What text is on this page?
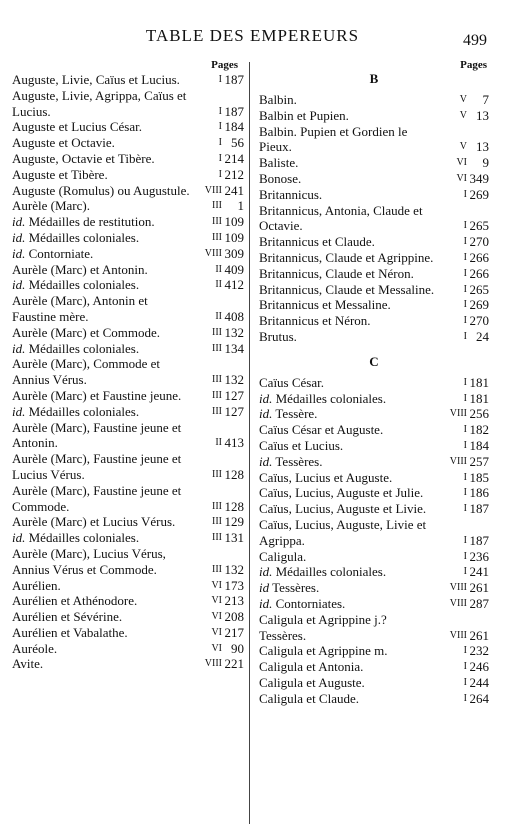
TABLE DES EMPEREURS	499
Pages
Auguste, Livie, Caïus et Lucius.	I 187
Auguste, Livie, Agrippa, Caïus et Lucius.	I 187
Auguste et Lucius César.	I 184
Auguste et Octavie.	I 56
Auguste, Octavie et Tibère.	I 214
Auguste et Tibère.	I 212
Auguste (Romulus) ou Augustule. VIII 241
Aurèle (Marc).	III	1
id. Médailles de restitution.	III 109
id. Médailles coloniales.	III 109
id. Contorniate.	VIII 309
Aurèle (Marc) et Antonin.	II 409
id. Médailles coloniales.	II 412
Aurèle (Marc), Antonin et Faustine mère.	II 408
Aurèle (Marc) et Commode.	III 132
id. Médailles coloniales.	III 134
Aurèle (Marc), Commode et Annius Vérus.	III 132
Aurèle (Marc) et Faustine jeune.	III 127
id. Médailles coloniales.	III 127
Aurèle (Marc), Faustine jeune et Antonin.	II 413
Aurèle (Marc), Faustine jeune et Lucius Vérus.	III 128
Aurèle (Marc), Faustine jeune et Commode.	III 128
Aurèle (Marc) et Lucius Vérus.	III 129
id. Médailles coloniales.	III 131
Aurèle (Marc), Lucius Vérus, Annius Vérus et Commode.	III 132
Aurélien.	VI 173
Aurélien et Athénodore.	VI 213
Aurélien et Sévérine.	VI 208
Aurélien et Vabalathe.	VI 217
Auréole.	VI 90
Avite.	VIII 221
Pages
B
Balbin.	V	7
Balbin et Pupien.	V 13
Balbin. Pupien et Gordien le Pieux.	V 13
Baliste.	VI	9
Bonose.	VI 349
Britannicus.	I 269
Britannicus, Antonia, Claude et Octavie.	I 265
Britannicus et Claude.	I 270
Britannicus, Claude et Agrippine.	I 266
Britannicus, Claude et Néron.	I 266
Britannicus, Claude et Messaline.	I 265
Britannicus et Messaline.	I 269
Britannicus et Néron.	I 270
Brutus.	I 24
C
Caïus César.	I 181
id. Médailles coloniales.	I 181
id. Tessère.	VIII 256
Caïus César et Auguste.	I 182
Caïus et Lucius.	I 184
id. Tessères.	VIII 257
Caïus, Lucius et Auguste.	I 185
Caïus, Lucius, Auguste et Julie.	I 186
Caïus, Lucius, Auguste et Livie.	I 187
Caïus, Lucius, Auguste, Livie et Agrippa.	I 187
Caligula.	I 236
id. Médailles coloniales.	I 241
id Tessères.	VIII 261
id. Contorniates.	VIII 287
Caligula et Agrippine j.? Tessères.	VIII 261
Caligula et Agrippine m.	I 232
Caligula et Antonia.	I 246
Caligula et Auguste.	I 244
Caligula et Claude.	I 264
